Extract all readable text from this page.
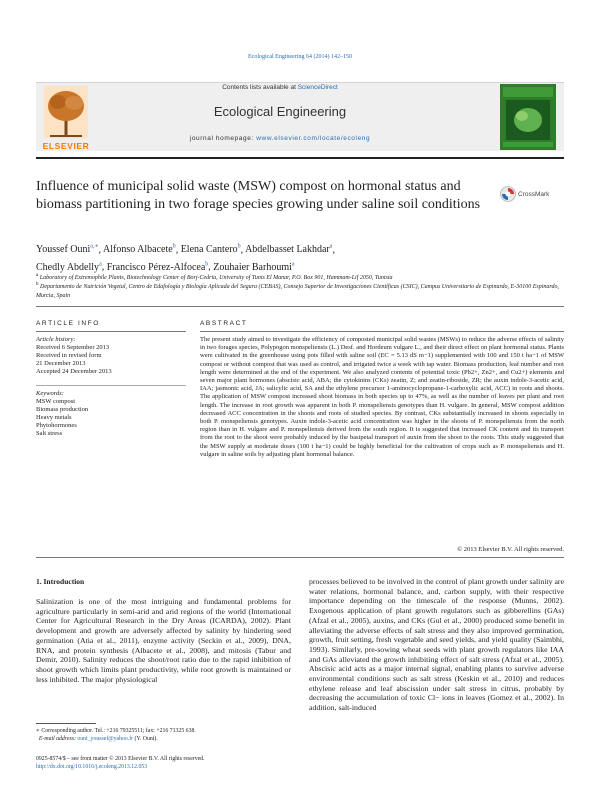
Ecological Engineering 64 (2014) 142–150
ELSEVIER
Contents lists available at ScienceDirect
Ecological Engineering
journal homepage: www.elsevier.com/locate/ecoleng
Influence of municipal solid waste (MSW) compost on hormonal status and biomass partitioning in two forage species growing under saline soil conditions
CrossMark
Youssef Ouni$^{a,∗}$, Alfonso Albacete$^b$, Elena Cantero$^b$, Abdelbasset Lakhdar$^a$,
Chedly Abdelly$^a$, Francisco Pérez-Alfocea$^b$, Zouhaier Barhoumi$^a$
$^a$ Laboratory of Extremophile Plants, Biotechnology Center of Borj-Cedria, University of Tunis El Manar, P.O. Box 901, Hammam-Lif 2050, Tunisia
$^b$ Departamento de Nutrición Vegetal, Centro de Edafología y Biología Aplicada del Segura (CEBAS), Consejo Superior de Investigaciones Científicas (CSIC), Campus Universitario de Espinardo, E-30100 Espinardo, Murcia, Spain
ARTICLE INFO
Article history:
Received 6 September 2013
Received in revised form
21 December 2013
Accepted 24 December 2013
Keywords:
MSW compost
Biomass production
Heavy metals
Phytohormones
Salt stress
ABSTRACT
The present study aimed to investigate the efficiency of composted municipal solid wastes (MSWs) to reduce the adverse effects of salinity in two forages species, Polypogon monspeliensis (L.) Desf. and Hordeum vulgare L., and their direct effect on plant hormonal status. Plants were cultivated in the greenhouse using pots filled with saline soil (EC = 5.13 dS m−1) supplemented with 100 and 150 t ha−1 of MSW compost or without compost that was used as control, and irrigated twice a week with tap water. Biomass production, leaf number and root length were determined at the end of the experiment. We also analyzed contents of potential toxic (Pb2+, Zn2+, and Cu2+) elements and seven major plant hormones (abscisic acid, ABA; the cytokinins (CKs) zeatin, Z; and zeatin-riboside, ZR; the auxin indole-3-acetic acid, IAA; jasmonic acid, JA; salicylic acid, SA and the ethylene precursor 1-aminocyclopropane-1-carboxylic acid, ACC) in roots and shoots. The application of MSW compost increased shoot biomass in both species up to 47%, as well as the number of leaves per plant and root length. The increase in root growth was apparent in both P. monspeliensis genotypes than H. vulgare. In general, MSW compost addition decreased ACC concentration in the shoots and roots of studied species. By contrast, CKs substantially increased in shoots especially in both P. monspeliensis genotypes. Auxin indole-3-acetic acid concentration was higher in the shoots of P. monspeliensis from the north region than in H. vulgare and P. monspeliensis derived from the south region. It is suggested that increased CK content and its transport from the root to the shoot were probably induced by the basipetal transport of auxin from the shoot to the roots. This study suggested that the MSW supply at moderate doses (100 t ha−1) could be highly beneficial for the cultivation of crops such as P. monspeliensis and H. vulgare in saline soils by adjusting plant hormonal balance.
© 2013 Elsevier B.V. All rights reserved.
1. Introduction
Salinization is one of the most intriguing and fundamental problems for agriculture particularly in semi-arid and arid regions of the world (International Center for Agricultural Research in the Dry Areas (ICARDA), 2002). Plant development and growth are adversely affected by salinity by hindering seed germination (Atia et al., 2011), enzyme activity (Seckin et al., 2009), DNA, RNA, and protein synthesis (Albacete et al., 2008), and mitosis (Tabur and Demir, 2010). Salinity reduces the shoot/root ratio due to the rapid inhibition of shoot growth which limits plant productivity, while root growth is maintained or less inhibited. The major physiological
processes believed to be involved in the control of plant growth under salinity are water relations, hormonal balance, and, carbon supply, with their respective importance depending on the timescale of the response (Munns, 2002). Exogenous application of plant growth regulators such as gibberellins (GAs) (Afzal et al., 2005), auxins, and CKs (Gul et al., 2000) produced some benefit in alleviating the adverse effects of salt stress and they also improved germination, growth, fruit setting, fresh vegetable and seed yields, and yield quality (Saimbhi, 1993). Similarly, pre-sowing wheat seeds with plant growth regulators like IAA and GAs alleviated the growth inhibiting effect of salt stress (Afzal et al., 2005). Abscisic acid acts as a major internal signal, enabling plants to survive adverse environmental conditions such as salt stress (Keskin et al., 2010) and reduces ethylene release and leaf abscission under salt stress in citrus, probably by decreasing the accumulation of toxic Cl− ions in leaves (Gomez et al., 2002). In addition, salt-induced
∗ Corresponding author. Tel.: +216 79325511; fax: +216 71325 638.
E-mail address: ouni_youssef@yahoo.fr (Y. Ouni).
0925-8574/$ – see front matter © 2013 Elsevier B.V. All rights reserved.
http://dx.doi.org/10.1016/j.ecoleng.2013.12.053
